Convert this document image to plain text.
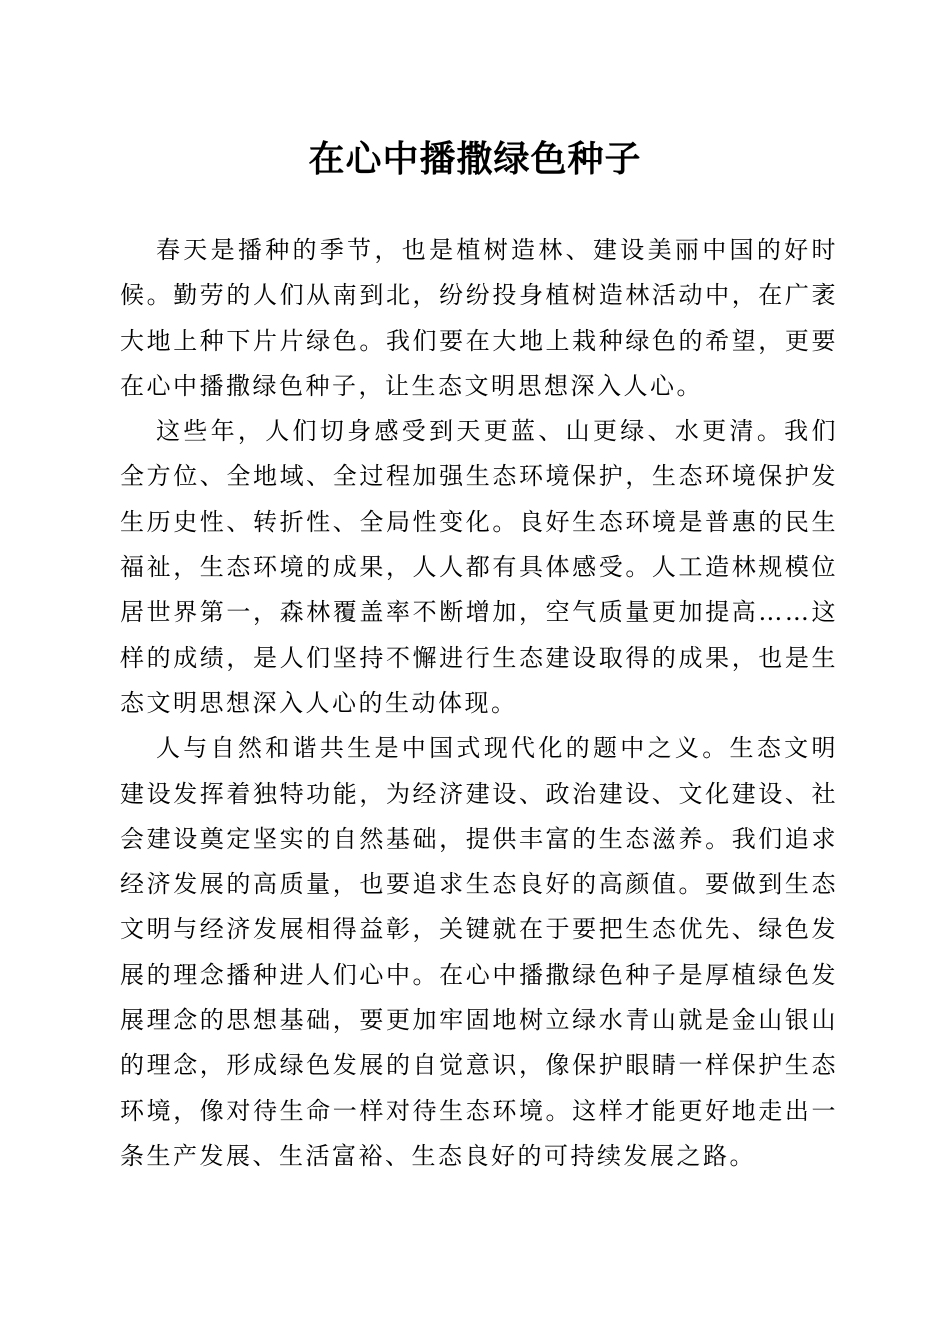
在心中播撒绿色种子

春天是播种的季节，也是植树造林、建设美丽中国的好时候。勤劳的人们从南到北，纷纷投身植树造林活动中，在广袤大地上种下片片绿色。我们要在大地上栽种绿色的希望，更要在心中播撒绿色种子，让生态文明思想深入人心。

这些年，人们切身感受到天更蓝、山更绿、水更清。我们全方位、全地域、全过程加强生态环境保护，生态环境保护发生历史性、转折性、全局性变化。良好生态环境是普惠的民生福祉，生态环境的成果，人人都有具体感受。人工造林规模位居世界第一，森林覆盖率不断增加，空气质量更加提高……这样的成绩，是人们坚持不懈进行生态建设取得的成果，也是生态文明思想深入人心的生动体现。

人与自然和谐共生是中国式现代化的题中之义。生态文明建设发挥着独特功能，为经济建设、政治建设、文化建设、社会建设奠定坚实的自然基础，提供丰富的生态滋养。我们追求经济发展的高质量，也要追求生态良好的高颜值。要做到生态文明与经济发展相得益彰，关键就在于要把生态优先、绿色发展的理念播种进人们心中。在心中播撒绿色种子是厚植绿色发展理念的思想基础，要更加牢固地树立绿水青山就是金山银山的理念，形成绿色发展的自觉意识，像保护眼睛一样保护生态环境，像对待生命一样对待生态环境。这样才能更好地走出一条生产发展、生活富裕、生态良好的可持续发展之路。
